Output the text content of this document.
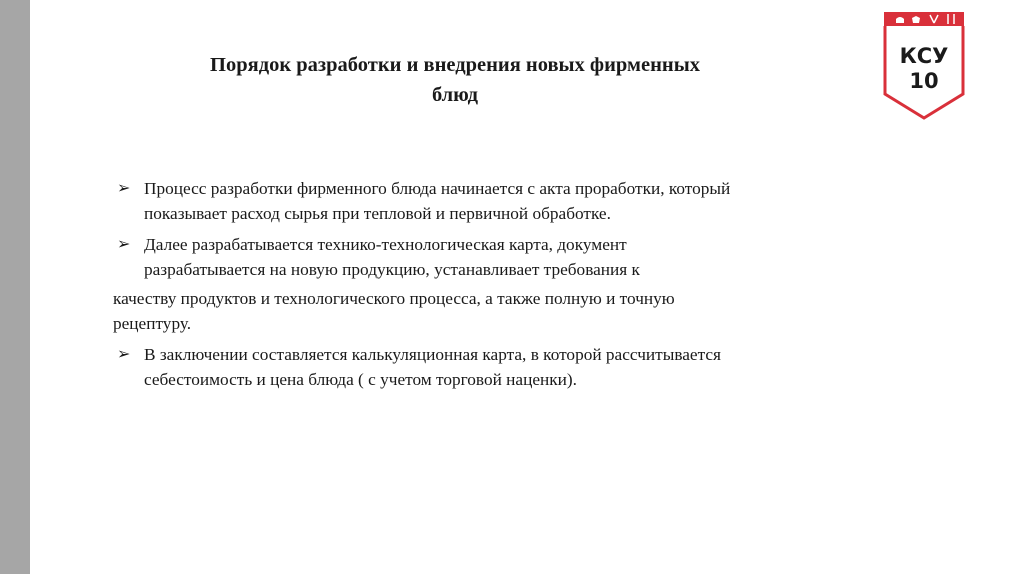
Порядок разработки и внедрения новых фирменных
блюд
КСУ
10
➢ Процесс разработки фирменного блюда начинается с акта проработки, который
показывает расход сырья при тепловой и первичной обработке.
➢ Далее разрабатывается технико-технологическая карта, документ
разрабатывается на новую продукцию, устанавливает требования к
качеству продуктов и технологического процесса, а также полную и точную
рецептуру.
➢ В заключении составляется калькуляционная карта, в которой рассчитывается
себестоимость и цена блюда ( с учетом торговой наценки).
